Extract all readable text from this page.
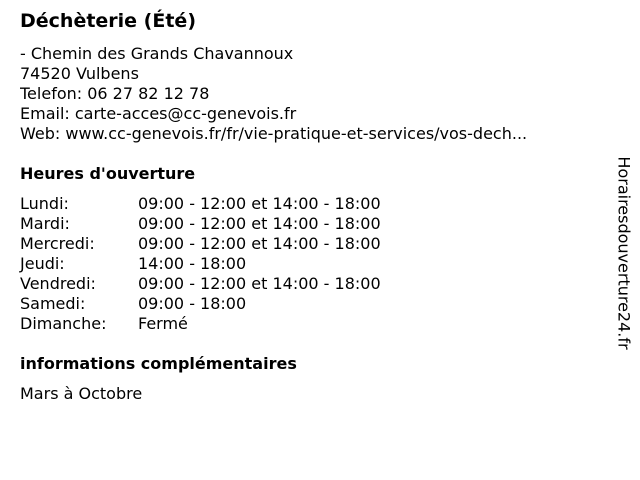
Déchèterie (Été)
- Chemin des Grands Chavannoux
74520 Vulbens
Telefon: 06 27 82 12 78
Email: carte-acces@cc-genevois.fr
Web: www.cc-genevois.fr/fr/vie-pratique-et-services/vos-dech...
Heures d'ouverture
Lundi:	09:00 - 12:00 et 14:00 - 18:00
Mardi:	09:00 - 12:00 et 14:00 - 18:00
Mercredi:	09:00 - 12:00 et 14:00 - 18:00
Jeudi:	14:00 - 18:00
Vendredi:	09:00 - 12:00 et 14:00 - 18:00
Samedi:	09:00 - 18:00
Dimanche:	Fermé
informations complémentaires
Mars à Octobre
Horairesdouverture24.fr
